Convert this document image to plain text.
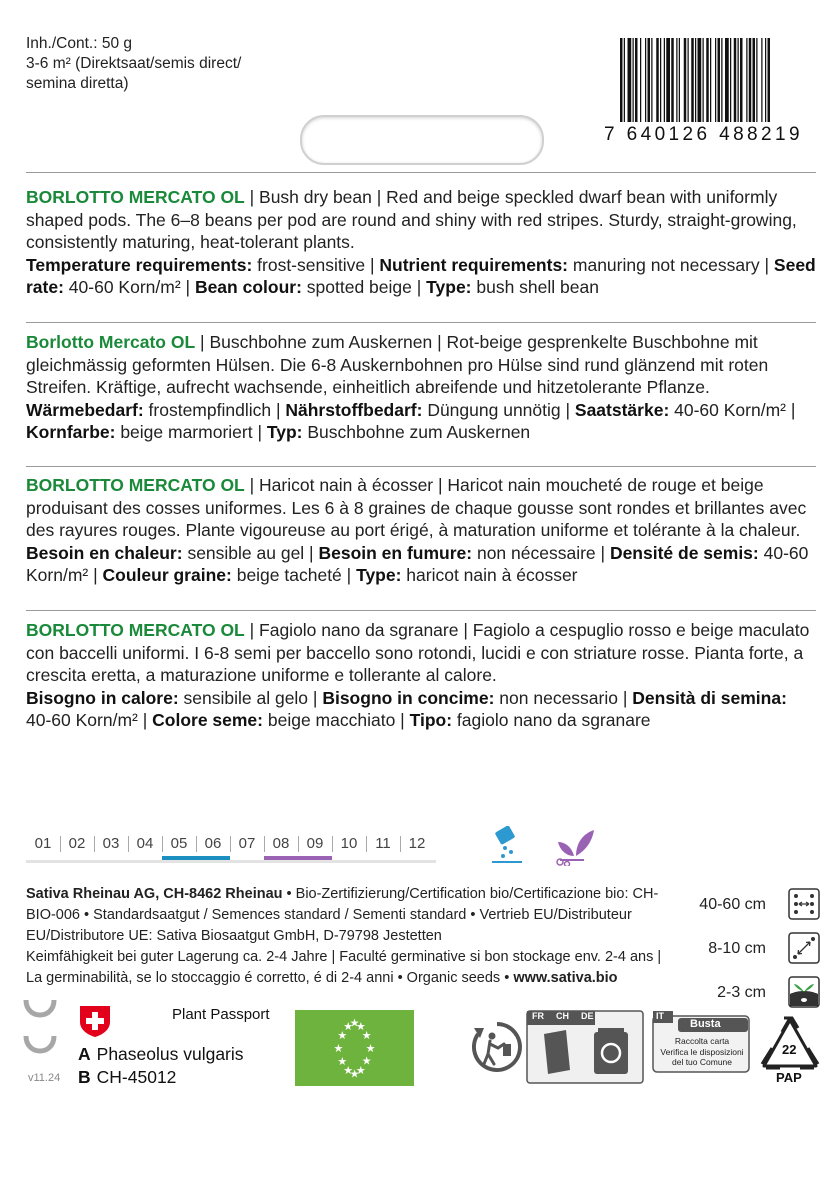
Inh./Cont.: 50 g
3-6 m² (Direktsaat/semis direct/
semina diretta)
7 640126 488219

BORLOTTO MERCATO OL | Bush dry bean | Red and beige speckled dwarf bean with uniformly shaped pods. The 6–8 beans per pod are round and shiny with red stripes. Sturdy, straight-growing, consistently maturing, heat-tolerant plants.

Temperature requirements: frost-sensitive | Nutrient requirements: manuring not necessary | Seed rate: 40-60 Korn/m² | Bean colour: spotted beige | Type: bush shell bean

Borlotto Mercato OL | Buschbohne zum Auskernen | Rot-beige gesprenkelte Buschbohne mit gleichmässig geformten Hülsen. Die 6-8 Auskernbohnen pro Hülse sind rund glänzend mit roten Streifen. Kräftige, aufrecht wachsende, einheitlich abreifende und hitzetolerante Pflanze.

Wärmebedarf: frostempfindlich | Nährstoffbedarf: Düngung unnötig | Saatstärke: 40-60 Korn/m² | Kornfarbe: beige marmoriert | Typ: Buschbohne zum Auskernen

BORLOTTO MERCATO OL | Haricot nain à écosser | Haricot nain moucheté de rouge et beige produisant des cosses uniformes. Les 6 à 8 graines de chaque gousse sont rondes et brillantes avec des rayures rouges. Plante vigoureuse au port érigé, à maturation uniforme et tolérante à la chaleur.

Besoin en chaleur: sensible au gel | Besoin en fumure: non nécessaire | Densité de semis: 40-60 Korn/m² | Couleur graine: beige tacheté | Type: haricot nain à écosser

BORLOTTO MERCATO OL | Fagiolo nano da sgranare | Fagiolo a cespuglio rosso e beige maculato con baccelli uniformi. I 6-8 semi per baccello sono rotondi, lucidi e con striature rosse. Pianta forte, a crescita eretta, a maturazione uniforme e tollerante al calore.

Bisogno in calore: sensibile al gelo | Bisogno in concime: non necessario | Densità di semina: 40-60 Korn/m² | Colore seme: beige macchiato | Tipo: fagiolo nano da sgranare

01	02	03	04	05	06	07	08	09	10	11	12
Sativa Rheinau AG, CH-8462 Rheinau • Bio-Zertifizierung/Certification bio/Certificazione bio: CH-BIO-006 • Standardsaatgut / Semences standard / Sementi standard • Vertrieb EU/Distributeur EU/Distributore UE: Sativa Biosaatgut GmbH, D-79798 Jestetten
Keimfähigkeit bei guter Lagerung ca. 2-4 Jahre | Faculté germinative si bon stockage env. 2-4 ans | La germinabilità, se lo stoccaggio é corretto, é di 2-4 anni • Organic seeds • www.sativa.bio
40-60 cm
8-10 cm
2-3 cm
v11.24
Plant Passport
A Phaseolus vulgaris
B CH-45012
★
★
★
★
★
★
★
★
★
★
★
★
FR CH DE	IT
Busta
Raccolta carta
Verifica le disposizioni
del tuo Comune
22
PAP
